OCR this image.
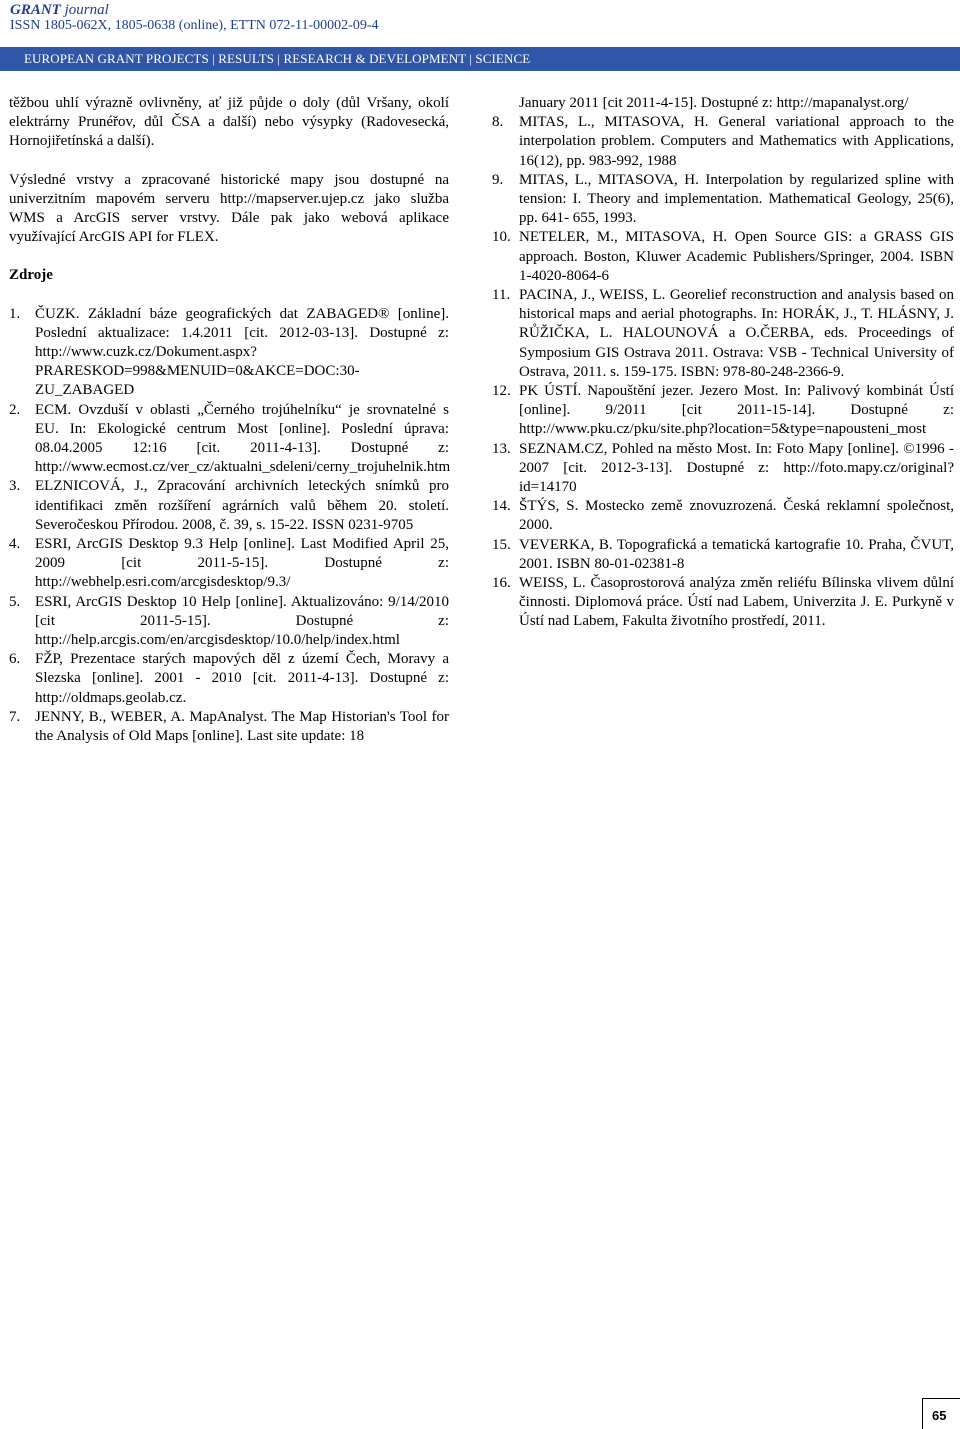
GRANT journal
ISSN 1805-062X, 1805-0638 (online), ETTN 072-11-00002-09-4
EUROPEAN GRANT PROJECTS | RESULTS | RESEARCH & DEVELOPMENT | SCIENCE

těžbou uhlí výrazně ovlivněny, ať již půjde o doly (důl Vršany, okolí elektrárny Prunéřov, důl ČSA a další) nebo výsypky (Radovesecká, Hornojiřetínská a další).

Výsledné vrstvy a zpracované historické mapy jsou dostupné na univerzitním mapovém serveru http://mapserver.ujep.cz jako služba WMS a ArcGIS server vrstvy. Dále pak jako webová aplikace využívající ArcGIS API for FLEX.

Zdroje
1. ČUZK. Základní báze geografických dat ZABAGED® [online]. Poslední aktualizace: 1.4.2011 [cit. 2012-03-13]. Dostupné z: http://www.cuzk.cz/Dokument.aspx?PRARESKOD=998&MENUID=0&AKCE=DOC:30-ZU_ZABAGED
2. ECM. Ovzduší v oblasti „Černého trojúhelníku“ je srovnatelné s EU. In: Ekologické centrum Most [online]. Poslední úprava: 08.04.2005 12:16 [cit. 2011-4-13]. Dostupné z: http://www.ecmost.cz/ver_cz/aktualni_sdeleni/cerny_trojuhelnik.htm
3. ELZNICOVÁ, J., Zpracování archivních leteckých snímků pro identifikaci změn rozšíření agrárních valů během 20. století. Severočeskou Přírodou. 2008, č. 39, s. 15-22. ISSN 0231-9705
4. ESRI, ArcGIS Desktop 9.3 Help [online]. Last Modified April 25, 2009 [cit 2011-5-15]. Dostupné z: http://webhelp.esri.com/arcgisdesktop/9.3/
5. ESRI, ArcGIS Desktop 10 Help [online]. Aktualizováno: 9/14/2010 [cit 2011-5-15]. Dostupné z: http://help.arcgis.com/en/arcgisdesktop/10.0/help/index.html
6. FŽP, Prezentace starých mapových děl z území Čech, Moravy a Slezska [online]. 2001 - 2010 [cit. 2011-4-13]. Dostupné z: http://oldmaps.geolab.cz.
7. JENNY, B., WEBER, A. MapAnalyst. The Map Historian's Tool for the Analysis of Old Maps [online]. Last site update: 18
January 2011 [cit 2011-4-15]. Dostupné z: http://mapanalyst.org/
8. MITAS, L., MITASOVA, H. General variational approach to the interpolation problem. Computers and Mathematics with Applications, 16(12), pp. 983-992, 1988
9. MITAS, L., MITASOVA, H. Interpolation by regularized spline with tension: I. Theory and implementation. Mathematical Geology, 25(6), pp. 641- 655, 1993.
10. NETELER, M., MITASOVA, H. Open Source GIS: a GRASS GIS approach. Boston, Kluwer Academic Publishers/Springer, 2004. ISBN 1-4020-8064-6
11. PACINA, J., WEISS, L. Georelief reconstruction and analysis based on historical maps and aerial photographs. In: HORÁK, J., T. HLÁSNY, J. RŮŽIČKA, L. HALOUNOVÁ a O.ČERBA, eds. Proceedings of Symposium GIS Ostrava 2011. Ostrava: VSB - Technical University of Ostrava, 2011. s. 159-175. ISBN: 978-80-248-2366-9.
12. PK ÚSTÍ. Napouštění jezer. Jezero Most. In: Palivový kombinát Ústí [online]. 9/2011 [cit 2011-15-14]. Dostupné z: http://www.pku.cz/pku/site.php?location=5&type=napousteni_most
13. SEZNAM.CZ, Pohled na město Most. In: Foto Mapy [online]. ©1996 - 2007 [cit. 2012-3-13]. Dostupné z: http://foto.mapy.cz/original?id=14170
14. ŠTÝS, S. Mostecko země znovuzrozená. Česká reklamní společnost, 2000.
15. VEVERKA, B. Topografická a tematická kartografie 10. Praha, ČVUT, 2001. ISBN 80-01-02381-8
16. WEISS, L. Časoprostorová analýza změn reliéfu Bílinska vlivem důlní činnosti. Diplomová práce. Ústí nad Labem, Univerzita J. E. Purkyně v Ústí nad Labem, Fakulta životního prostředí, 2011.
65
